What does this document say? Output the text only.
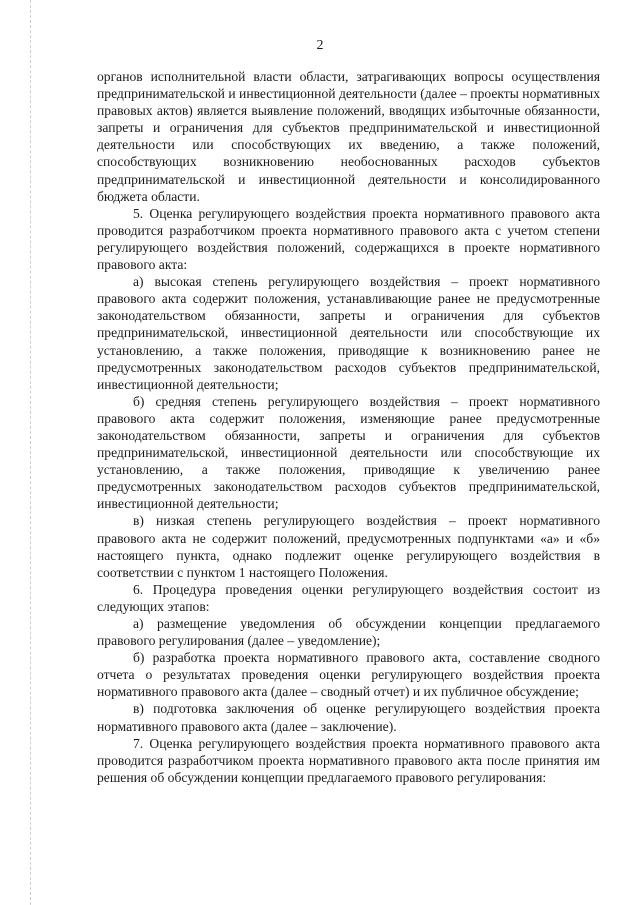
2

органов исполнительной власти области, затрагивающих вопросы осуществления предпринимательской и инвестиционной деятельности (далее – проекты нормативных правовых актов) является выявление положений, вводящих избыточные обязанности, запреты и ограничения для субъектов предпринимательской и инвестиционной деятельности или способствующих их введению, а также положений, способствующих возникновению необоснованных расходов субъектов предпринимательской и инвестиционной деятельности и консолидированного бюджета области.

5. Оценка регулирующего воздействия проекта нормативного правового акта проводится разработчиком проекта нормативного правового акта с учетом степени регулирующего воздействия положений, содержащихся в проекте нормативного правового акта:

а) высокая степень регулирующего воздействия – проект нормативного правового акта содержит положения, устанавливающие ранее не предусмотренные законодательством обязанности, запреты и ограничения для субъектов предпринимательской, инвестиционной деятельности или способствующие их установлению, а также положения, приводящие к возникновению ранее не предусмотренных законодательством расходов субъектов предпринимательской, инвестиционной деятельности;

б) средняя степень регулирующего воздействия – проект нормативного правового акта содержит положения, изменяющие ранее предусмотренные законодательством обязанности, запреты и ограничения для субъектов предпринимательской, инвестиционной деятельности или способствующие их установлению, а также положения, приводящие к увеличению ранее предусмотренных законодательством расходов субъектов предпринимательской, инвестиционной деятельности;

в) низкая степень регулирующего воздействия – проект нормативного правового акта не содержит положений, предусмотренных подпунктами «а» и «б» настоящего пункта, однако подлежит оценке регулирующего воздействия в соответствии с пунктом 1 настоящего Положения.

6. Процедура проведения оценки регулирующего воздействия состоит из следующих этапов:

а) размещение уведомления об обсуждении концепции предлагаемого правового регулирования (далее – уведомление);

б) разработка проекта нормативного правового акта, составление сводного отчета о результатах проведения оценки регулирующего воздействия проекта нормативного правового акта (далее – сводный отчет) и их публичное обсуждение;

в) подготовка заключения об оценке регулирующего воздействия проекта нормативного правового акта (далее – заключение).

7. Оценка регулирующего воздействия проекта нормативного правового акта проводится разработчиком проекта нормативного правового акта после принятия им решения об обсуждении концепции предлагаемого правового регулирования:
